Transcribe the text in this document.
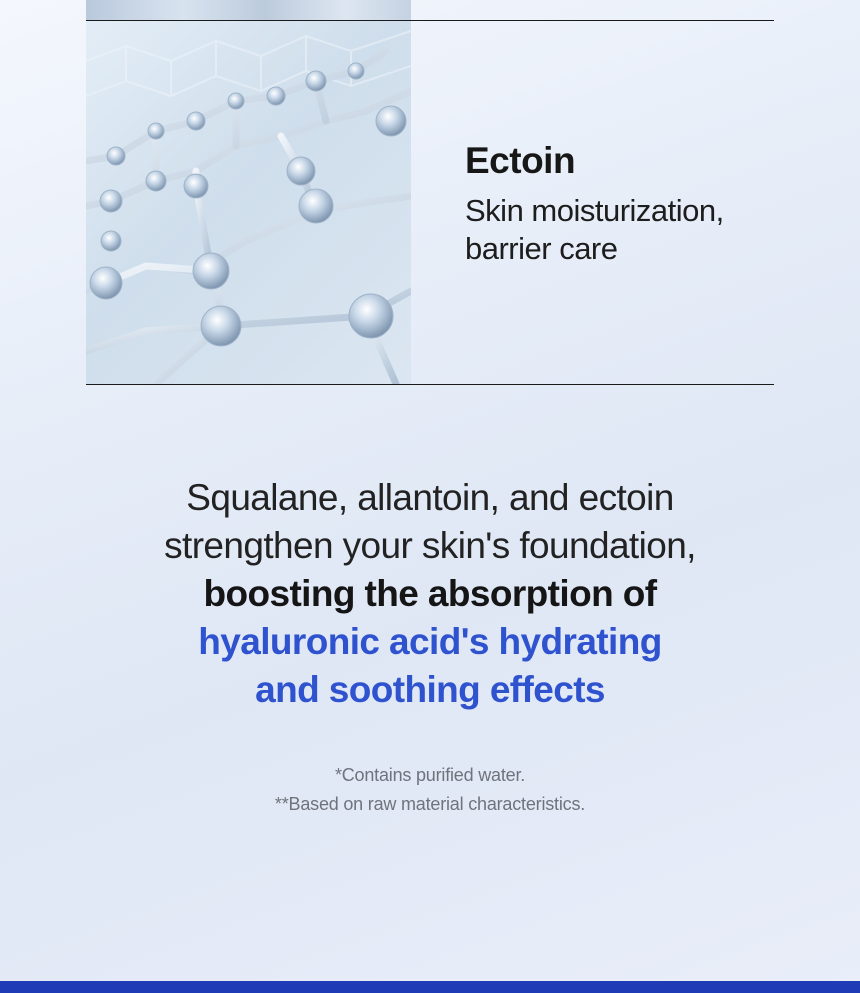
Ectoin

Skin moisturization, barrier care

Squalane, allantoin, and ectoin
strengthen your skin's foundation,
boosting the absorption of
hyaluronic acid's hydrating
and soothing effects
*Contains purified water.
**Based on raw material characteristics.
